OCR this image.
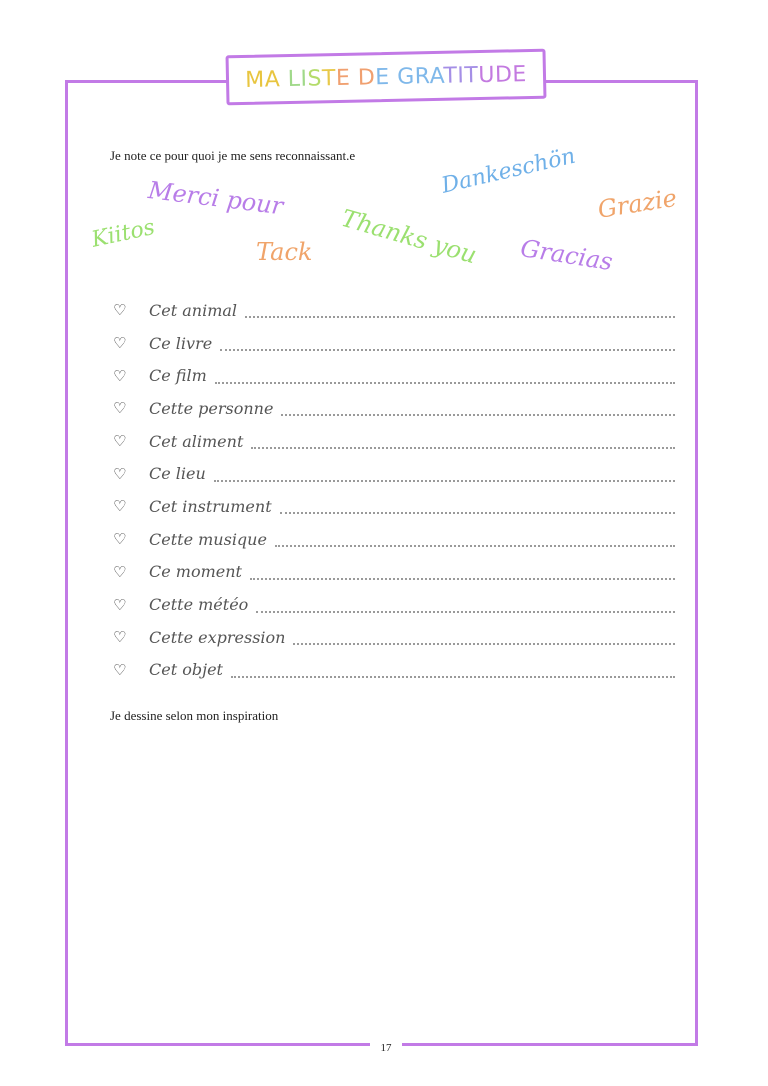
MA LISTE DE GRATITUDE
Je note ce pour quoi je me sens reconnaissant.e
Merci pour	Dankeschön
Grazie
Kiitos	Tack Thanks you Gracias
♡	Cet animal
♡	Ce livre
♡	Ce film
♡	Cette personne
♡	Cet aliment
♡	Ce lieu
♡	Cet instrument
♡	Cette musique
♡	Ce moment
♡	Cette météo
♡	Cette expression
♡	Cet objet
Je dessine selon mon inspiration
17
